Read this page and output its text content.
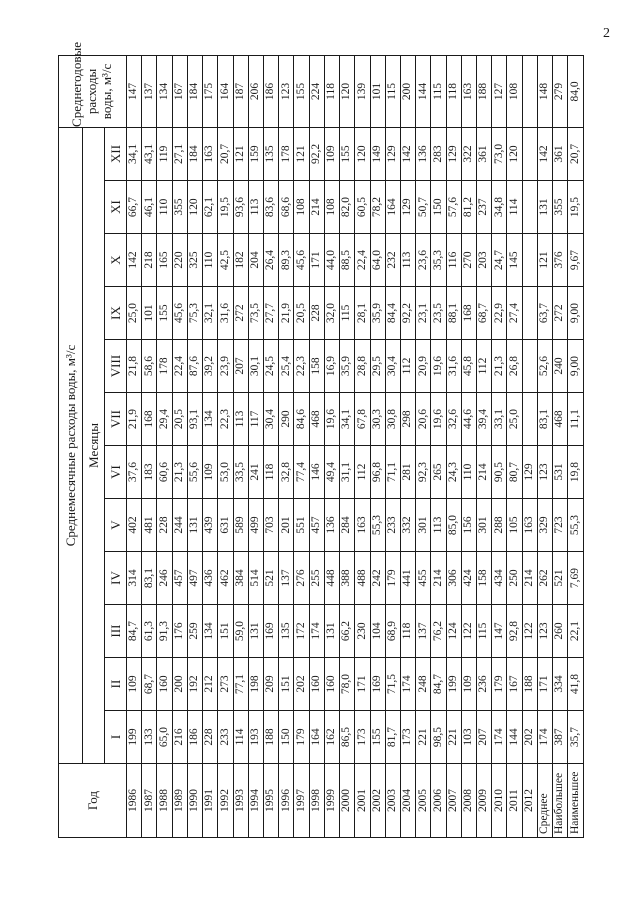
2
Год	Среднемесячные расходы воды, м³/с												Среднегодовые расходы воды, м³/с
	Месяцы												
	I	II	III	IV	V	VI	VII	VIII	IX	X	XI	XII	
1986	199	109	84,7	314	402	37,6	21,9	21,8	25,0	142	66,7	34,1	147
1987	133	68,7	61,3	83,1	481	183	168	58,6	101	218	46,1	43,1	137
1988	65,0	160	91,3	246	228	60,6	29,4	178	155	165	110	119	134
1989	216	200	176	457	244	21,3	20,5	22,4	45,6	220	355	27,1	167
1990	186	192	259	497	131	55,6	93,1	87,6	75,3	325	120	184	184
1991	228	212	134	436	439	109	134	39,2	32,1	110	62,1	163	175
1992	233	273	151	462	631	53,0	22,3	23,9	31,6	42,5	19,5	20,7	164
1993	114	77,1	59,0	384	589	33,5	113	207	272	182	93,6	121	187
1994	193	198	131	514	499	241	117	30,1	73,5	204	113	159	206
1995	188	209	169	521	703	118	30,4	24,5	27,7	26,4	83,6	135	186
1996	150	151	135	137	201	32,8	290	25,4	21,9	89,3	68,6	178	123
1997	179	202	172	276	551	77,4	84,6	22,3	20,5	45,6	108	121	155
1998	164	160	174	255	457	146	468	158	228	171	214	92,2	224
1999	162	160	131	448	136	49,4	19,6	16,9	32,0	44,0	108	109	118
2000	86,5	78,0	66,2	388	284	31,1	34,1	35,9	115	88,5	82,0	155	120
2001	173	171	230	488	163	112	67,8	28,8	28,1	22,4	60,5	120	139
2002	155	169	104	242	55,3	96,8	30,3	29,5	35,9	64,0	78,2	149	101
2003	81,7	71,5	68,9	179	233	71,1	30,8	30,4	84,4	232	164	129	115
2004	173	174	118	441	332	281	298	112	92,2	113	129	142	200
2005	221	248	137	455	301	92,3	20,6	20,9	23,1	23,6	50,7	136	144
2006	98,5	84,7	76,2	214	113	265	19,6	19,6	23,5	35,3	150	283	115
2007	221	199	124	306	85,0	24,3	32,6	31,6	88,1	116	57,6	129	118
2008	103	109	122	424	156	110	44,6	45,8	168	270	81,2	322	163
2009	207	236	115	158	301	214	39,4	112	68,7	203	237	361	188
2010	174	179	147	434	288	90,5	33,1	21,3	22,9	24,7	34,8	73,0	127
2011	144	167	92,8	250	105	80,7	25,0	26,8	27,4	145	114	120	108
2012	202	188	122	214	163	129							
Среднее	174	171	123	262	329	123	83,1	52,6	63,7	121	131	142	148
Наибольшее	387	334	260	521	723	531	468	240	272	376	355	361	279
Наименьшее	35,7	41,8	22,1	7,69	55,3	19,8	11,1	9,00	9,00	9,67	19,5	20,7	84,0
